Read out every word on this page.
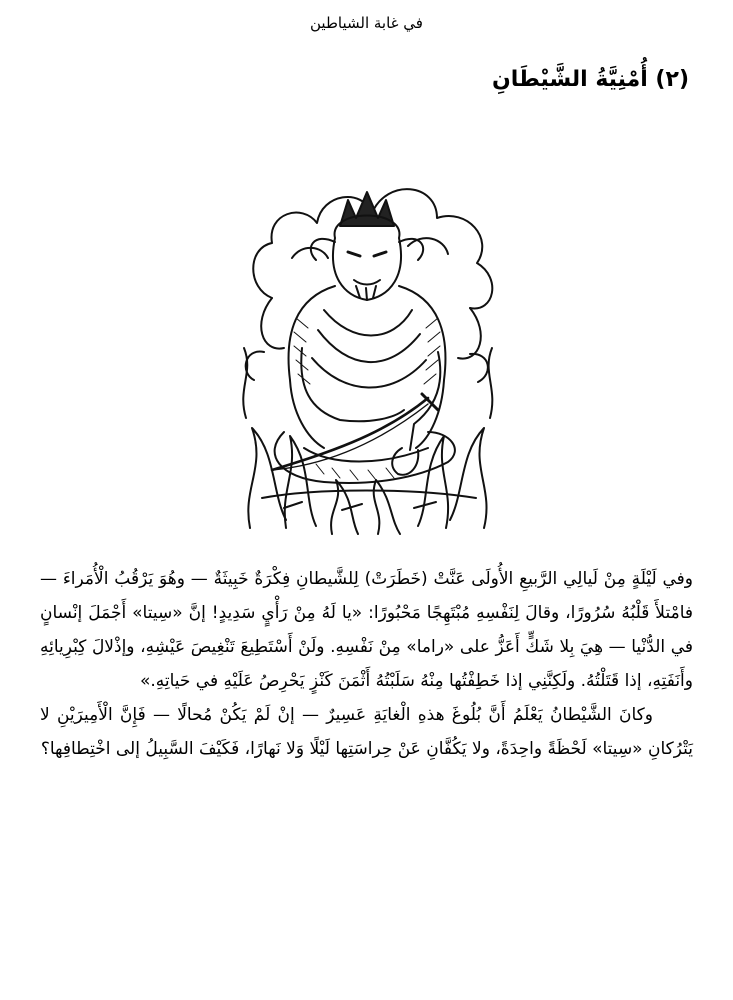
في غابة الشياطين
(٢) أُمْنِيَّةُ الشَّيْطَانِ

وفي لَيْلَةٍ مِنْ لَيالِي الرَّبيعِ الأُولَى عَنَّتْ (خَطَرَتْ) لِلشَّيطانِ فِكْرَةٌ خَبِيثَةٌ — وهُوَ يَرْقُبُ الْأُمَراءَ — فامْتلأَ قَلْبُهُ سُرُورًا، وقالَ لِنَفْسِهِ مُبْتَهِجًا مَحْبُورًا: «يا لَهُ مِنْ رَأْيٍ سَدِيدٍ! إنَّ «سِيتا» أَجْمَلَ إنْسانٍ في الدُّنْيا — هِيَ بِلا شَكٍّ أَعَزُّ على «راما» مِنْ نَفْسِهِ. ولَنْ أَسْتَطِيعَ تَنْغِيصَ عَيْشِهِ، وإذْلالَ كِبْرِيائِهِ وأَنَفَتِهِ، إذا قَتَلْتُهُ. ولَكِنَّنِي إذا خَطِفْتُها مِنْهُ سَلَبْتُهُ أَثْمَنَ كَنْزٍ يَحْرِصُ عَلَيْهِ في حَياتِهِ.»

وكانَ الشَّيْطانُ يَعْلَمُ أَنَّ بُلُوغَ هذهِ الْغايَةِ عَسِيرٌ — إنْ لَمْ يَكُنْ مُحالًا — فَإِنَّ الْأَمِيرَيْنِ لا يَتْرُكانِ «سِيتا» لَحْظَةً واحِدَةً، ولا يَكُفَّانِ عَنْ حِراسَتِها لَيْلًا وَلا نَهارًا، فَكَيْفَ السَّبِيلُ إلى اخْتِطافِها؟
